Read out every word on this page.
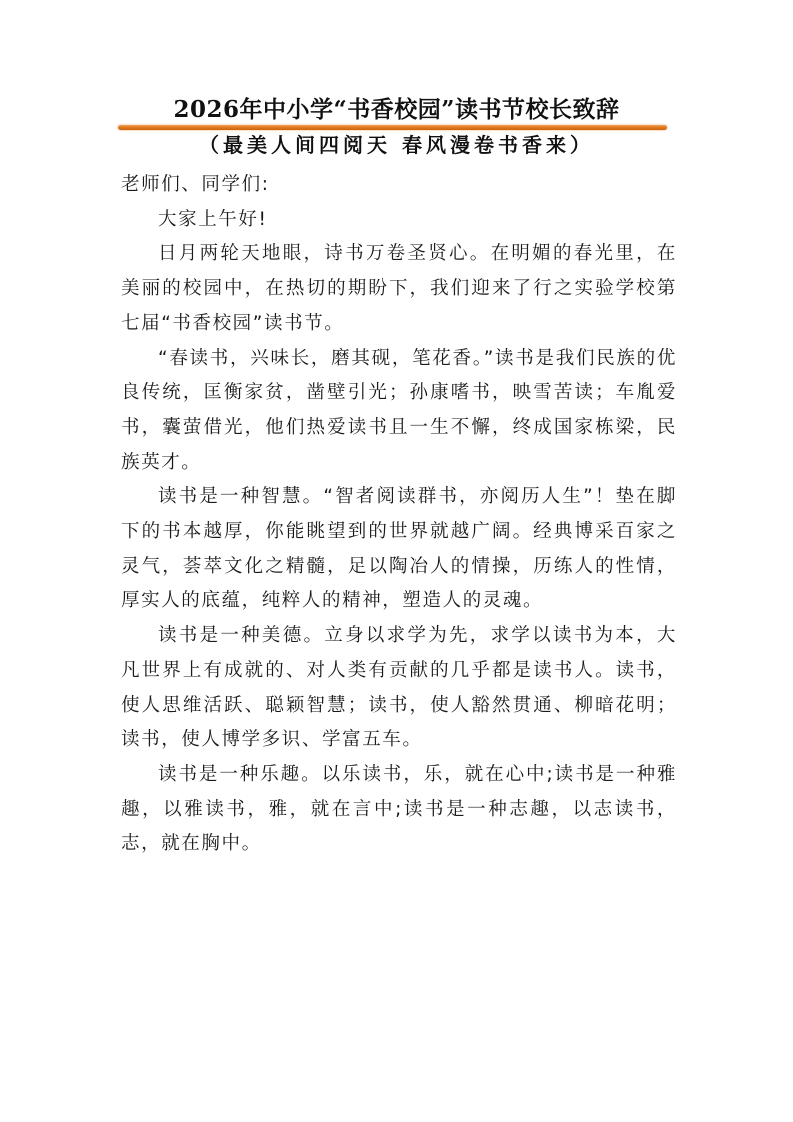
2026年中小学“书香校园”读书节校长致辞
（最美人间四阅天 春风漫卷书香来）

老师们、同学们:

大家上午好!

日月两轮天地眼，诗书万卷圣贤心。在明媚的春光里，在美丽的校园中，在热切的期盼下，我们迎来了行之实验学校第七届“书香校园”读书节。

“春读书，兴味长，磨其砚，笔花香。”读书是我们民族的优良传统，匡衡家贫，凿壁引光；孙康嗜书，映雪苦读；车胤爱书，囊萤借光，他们热爱读书且一生不懈，终成国家栋梁，民族英才。

读书是一种智慧。“智者阅读群书，亦阅历人生”！垫在脚下的书本越厚，你能眺望到的世界就越广阔。经典博采百家之灵气，荟萃文化之精髓，足以陶冶人的情操，历练人的性情，厚实人的底蕴，纯粹人的精神，塑造人的灵魂。

读书是一种美德。立身以求学为先，求学以读书为本，大凡世界上有成就的、对人类有贡献的几乎都是读书人。读书，使人思维活跃、聪颖智慧；读书，使人豁然贯通、柳暗花明；读书，使人博学多识、学富五车。

读书是一种乐趣。以乐读书，乐，就在心中;读书是一种雅趣，以雅读书，雅，就在言中;读书是一种志趣，以志读书，志，就在胸中。
